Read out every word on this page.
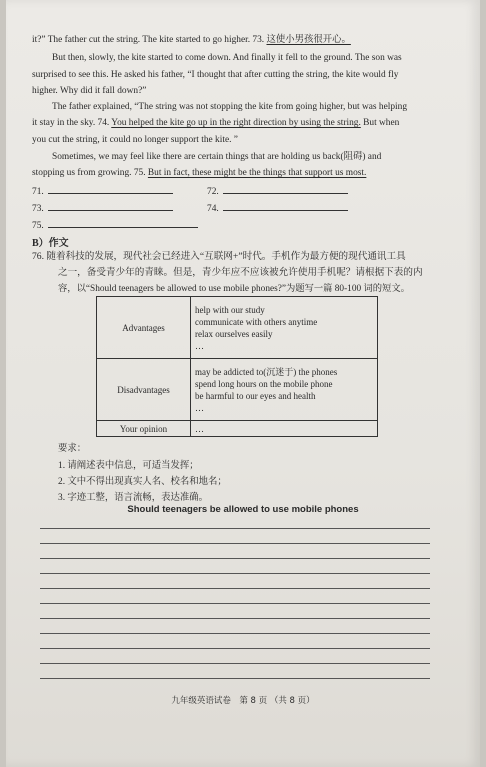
it?” The father cut the string. The kite started to go higher. 73. 这使小男孩很开心。
But then, slowly, the kite started to come down. And finally it fell to the ground. The son was
surprised to see this. He asked his father, “I thought that after cutting the string, the kite would fly
higher. Why did it fall down?”
The father explained, “The string was not stopping the kite from going higher, but was helping
it stay in the sky. 74. You helped the kite go up in the right direction by using the string. But when
you cut the string, it could no longer support the kite. ”
Sometimes, we may feel like there are certain things that are holding us back(阻碍) and
stopping us from growing. 75. But in fact, these might be the things that support us most.
71.	72.
73.	74.
75.
B）作文
76. 随着科技的发展，现代社会已经进入“互联网+”时代。手机作为最方便的现代通讯工具
之一，备受青少年的青睐。但是，青少年应不应该被允许使用手机呢？请根据下表的内
容，以“Should teenagers be allowed to use mobile phones?”为题写一篇 80-100 词的短文。
Advantages	help with our study
communicate with others anytime
relax ourselves easily
…

Disadvantages	may be addicted to(沉迷于) the phones
spend long hours on the mobile phone
be harmful to our eyes and health
…

Your opinion	…
要求：
1. 请阐述表中信息，可适当发挥；
2. 文中不得出现真实人名、校名和地名；
3. 字迹工整，语言流畅，表达准确。
Should teenagers be allowed to use mobile phones
九年级英语试卷　第 8 页 （共 8 页）
